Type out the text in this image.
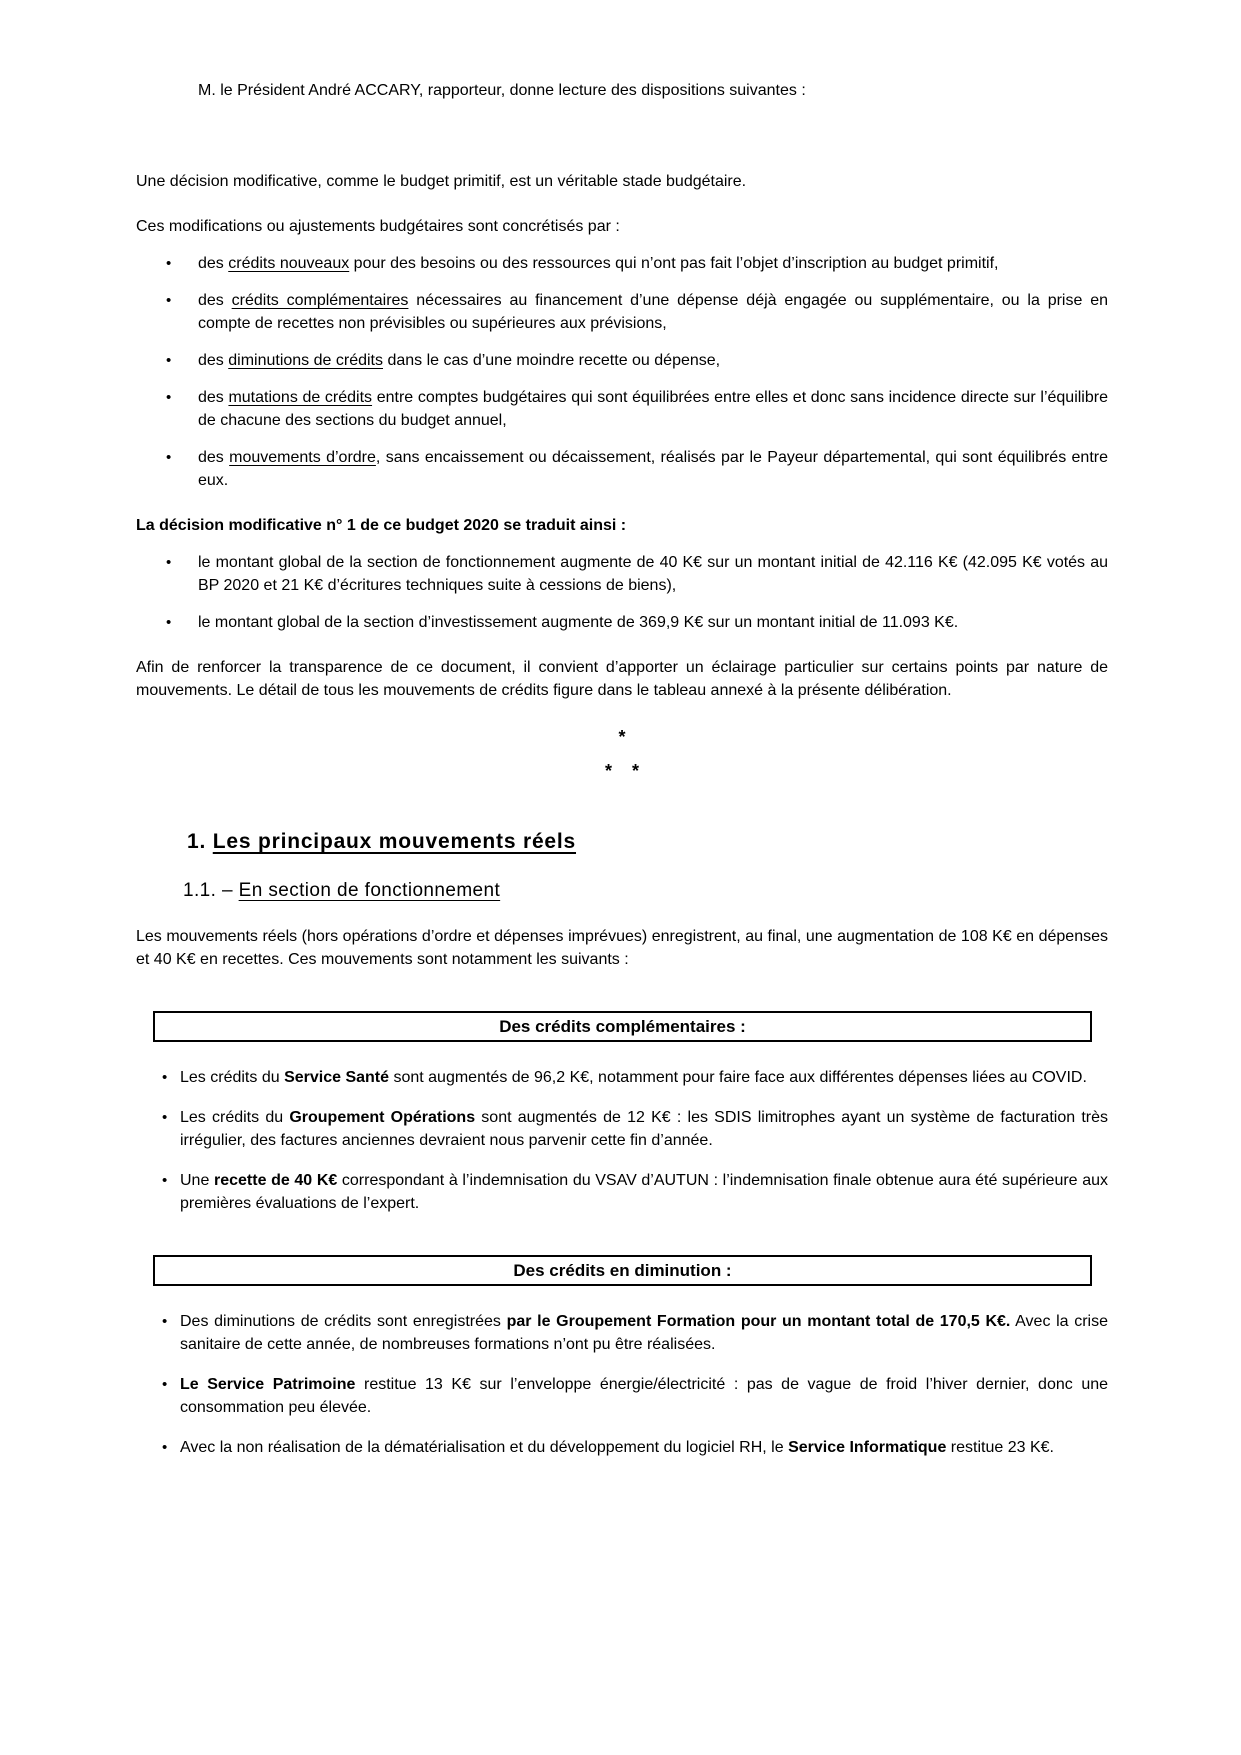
M. le Président André ACCARY, rapporteur, donne lecture des dispositions suivantes :
Une décision modificative, comme le budget primitif, est un véritable stade budgétaire.
Ces modifications ou ajustements budgétaires sont concrétisés par :
• des crédits nouveaux pour des besoins ou des ressources qui n’ont pas fait l’objet d’inscription au budget primitif,
• des crédits complémentaires nécessaires au financement d’une dépense déjà engagée ou supplémentaire, ou la prise en compte de recettes non prévisibles ou supérieures aux prévisions,
• des diminutions de crédits dans le cas d’une moindre recette ou dépense,
• des mutations de crédits entre comptes budgétaires qui sont équilibrées entre elles et donc sans incidence directe sur l’équilibre de chacune des sections du budget annuel,
• des mouvements d’ordre, sans encaissement ou décaissement, réalisés par le Payeur départemental, qui sont équilibrés entre eux.
La décision modificative n° 1 de ce budget 2020 se traduit ainsi :
• le montant global de la section de fonctionnement augmente de 40 K€ sur un montant initial de 42.116 K€ (42.095 K€ votés au BP 2020 et 21 K€ d’écritures techniques suite à cessions de biens),
• le montant global de la section d’investissement augmente de 369,9 K€ sur un montant initial de 11.093 K€.
Afin de renforcer la transparence de ce document, il convient d’apporter un éclairage particulier sur certains points par nature de mouvements. Le détail de tous les mouvements de crédits figure dans le tableau annexé à la présente délibération.
*
* *
1. Les principaux mouvements réels
1.1. – En section de fonctionnement
Les mouvements réels (hors opérations d’ordre et dépenses imprévues) enregistrent, au final, une augmentation de 108 K€ en dépenses et 40 K€ en recettes. Ces mouvements sont notamment les suivants :
Des crédits complémentaires :
• Les crédits du Service Santé sont augmentés de 96,2 K€, notamment pour faire face aux différentes dépenses liées au COVID.
• Les crédits du Groupement Opérations sont augmentés de 12 K€ : les SDIS limitrophes ayant un système de facturation très irrégulier, des factures anciennes devraient nous parvenir cette fin d’année.
• Une recette de 40 K€ correspondant à l’indemnisation du VSAV d’AUTUN : l’indemnisation finale obtenue aura été supérieure aux premières évaluations de l’expert.
Des crédits en diminution :
• Des diminutions de crédits sont enregistrées par le Groupement Formation pour un montant total de 170,5 K€. Avec la crise sanitaire de cette année, de nombreuses formations n’ont pu être réalisées.
• Le Service Patrimoine restitue 13 K€ sur l’enveloppe énergie/électricité : pas de vague de froid l’hiver dernier, donc une consommation peu élevée.
• Avec la non réalisation de la dématérialisation et du développement du logiciel RH, le Service Informatique restitue 23 K€.
